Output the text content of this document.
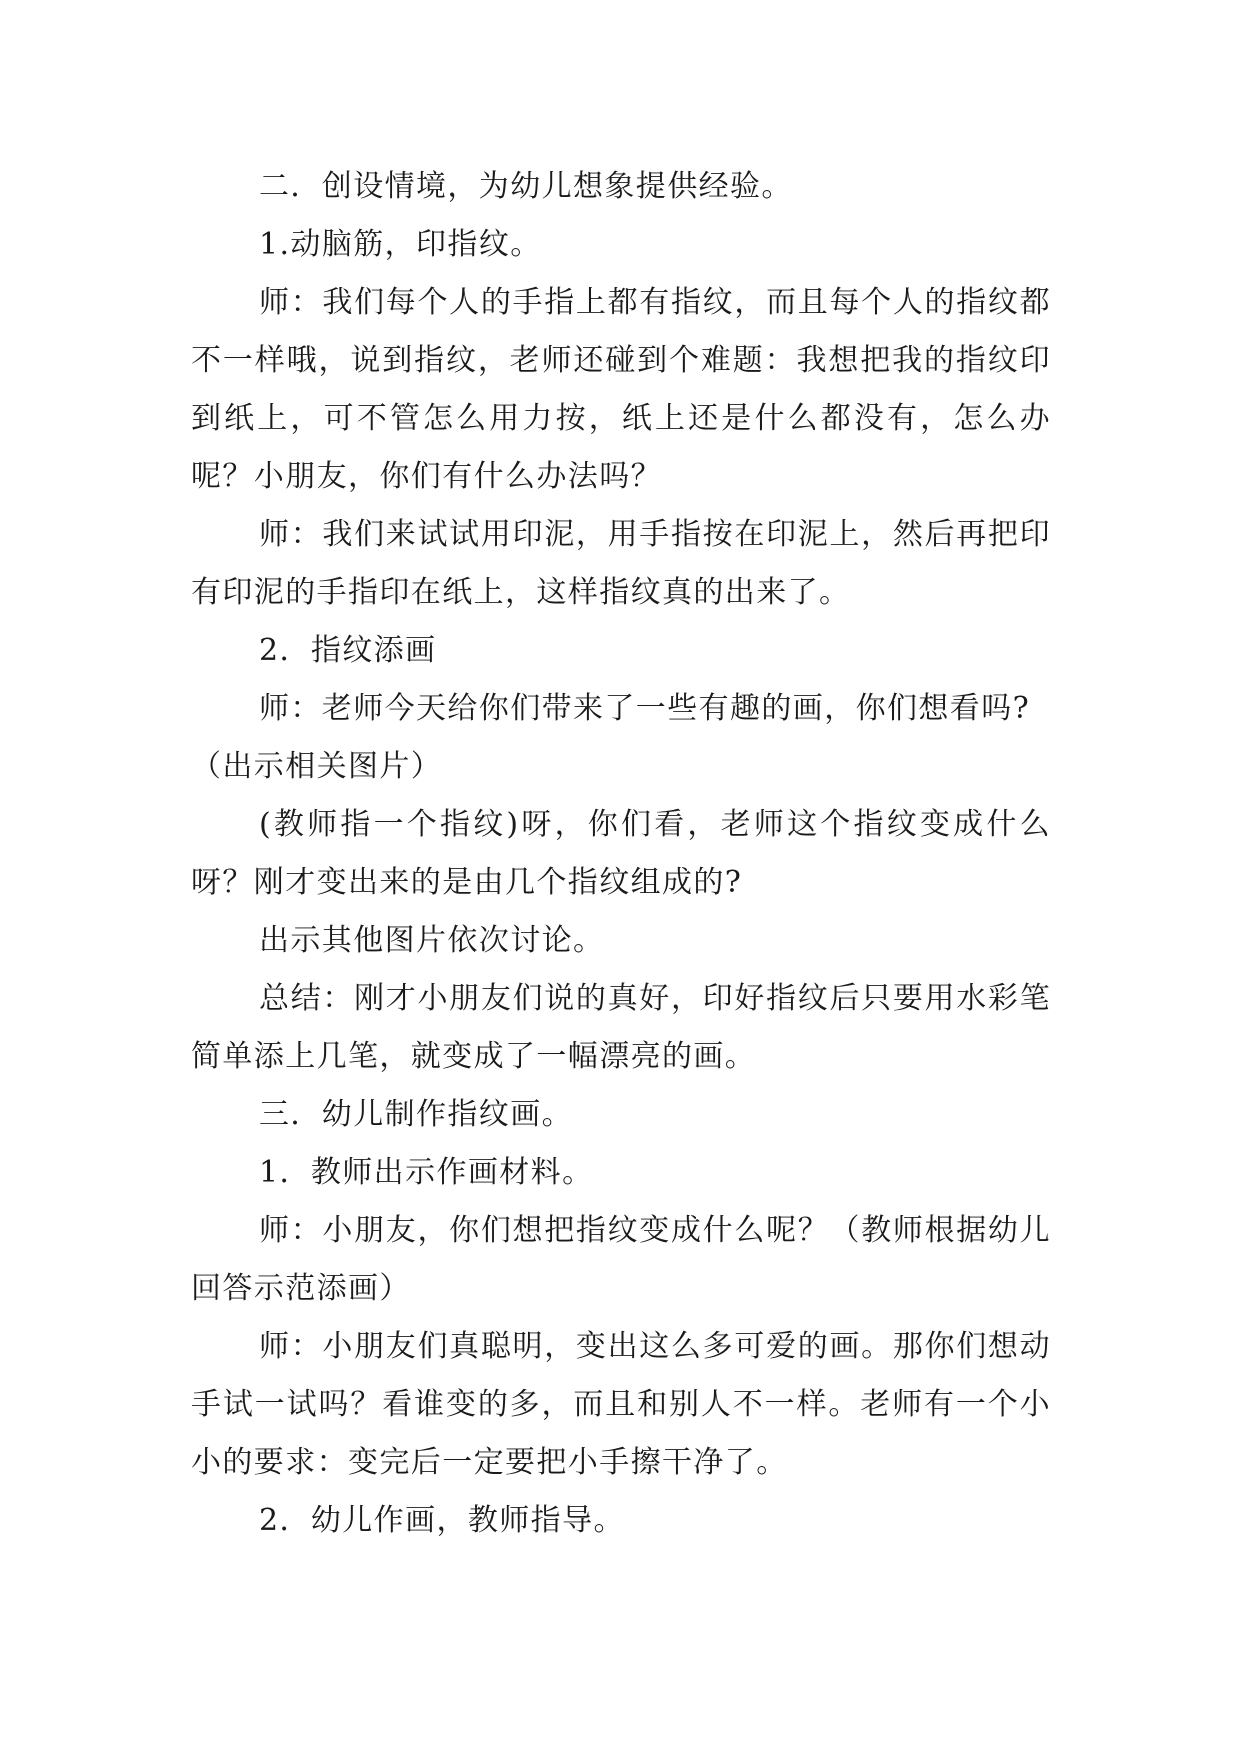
二．创设情境，为幼儿想象提供经验。

1.动脑筋，印指纹。

师：我们每个人的手指上都有指纹，而且每个人的指纹都不一样哦，说到指纹，老师还碰到个难题：我想把我的指纹印到纸上，可不管怎么用力按，纸上还是什么都没有，怎么办呢？小朋友，你们有什么办法吗？

师：我们来试试用印泥，用手指按在印泥上，然后再把印有印泥的手指印在纸上，这样指纹真的出来了。

2．指纹添画

师：老师今天给你们带来了一些有趣的画，你们想看吗?

（出示相关图片）

(教师指一个指纹)呀，你们看，老师这个指纹变成什么呀？刚才变出来的是由几个指纹组成的?

出示其他图片依次讨论。

总结：刚才小朋友们说的真好，印好指纹后只要用水彩笔简单添上几笔，就变成了一幅漂亮的画。

三．幼儿制作指纹画。

1．教师出示作画材料。

师：小朋友，你们想把指纹变成什么呢？（教师根据幼儿回答示范添画）

师：小朋友们真聪明，变出这么多可爱的画。那你们想动手试一试吗？看谁变的多，而且和别人不一样。老师有一个小小的要求：变完后一定要把小手擦干净了。

2．幼儿作画，教师指导。
